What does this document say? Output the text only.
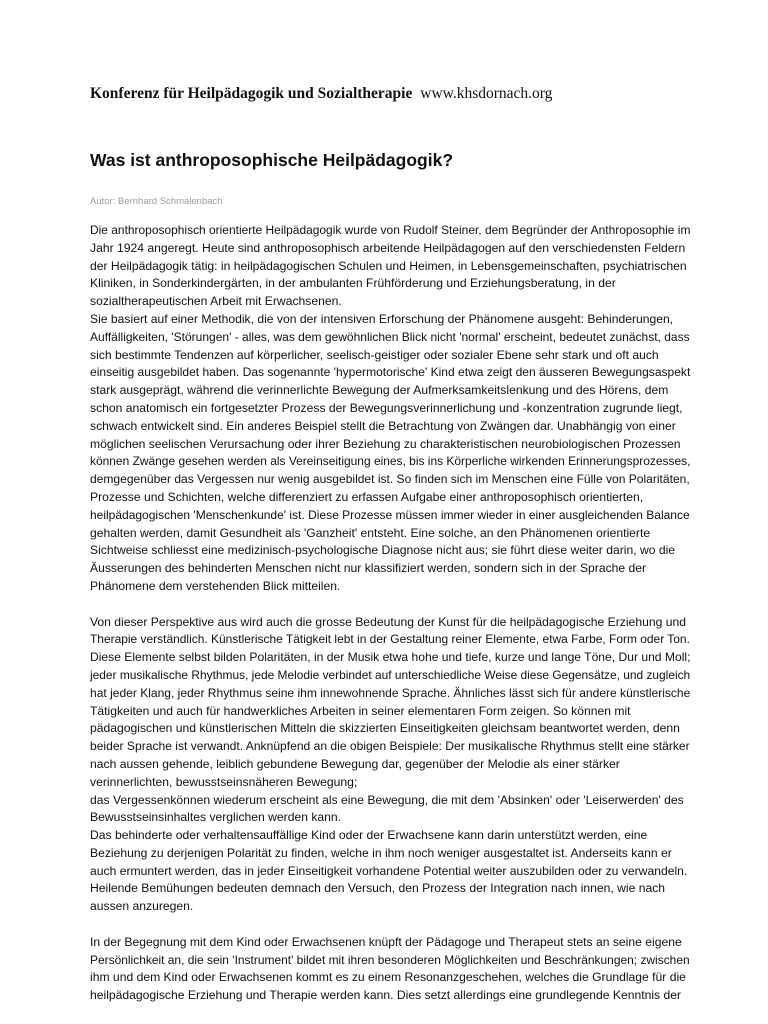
Konferenz für Heilpädagogik und Sozialtherapie www.khsdornach.org
Was ist anthroposophische Heilpädagogik?
Autor: Bernhard Schmalenbach
Die anthroposophisch orientierte Heilpädagogik wurde von Rudolf Steiner, dem Begründer der Anthroposophie im
Jahr 1924 angeregt. Heute sind anthroposophisch arbeitende Heilpädagogen auf den verschiedensten Feldern
der Heilpädagogik tätig: in heilpädagogischen Schulen und Heimen, in Lebensgemeinschaften, psychiatrischen
Kliniken, in Sonderkindergärten, in der ambulanten Frühförderung und Erziehungsberatung, in der
sozialtherapeutischen Arbeit mit Erwachsenen.
Sie basiert auf einer Methodik, die von der intensiven Erforschung der Phänomene ausgeht: Behinderungen,
Auffälligkeiten, 'Störungen' - alles, was dem gewöhnlichen Blick nicht 'normal' erscheint, bedeutet zunächst, dass
sich bestimmte Tendenzen auf körperlicher, seelisch-geistiger oder sozialer Ebene sehr stark und oft auch
einseitig ausgebildet haben. Das sogenannte 'hypermotorische' Kind etwa zeigt den äusseren Bewegungsaspekt
stark ausgeprägt, während die verinnerlichte Bewegung der Aufmerksamkeitslenkung und des Hörens, dem
schon anatomisch ein fortgesetzter Prozess der Bewegungsverinnerlichung und -konzentration zugrunde liegt,
schwach entwickelt sind. Ein anderes Beispiel stellt die Betrachtung von Zwängen dar. Unabhängig von einer
möglichen seelischen Verursachung oder ihrer Beziehung zu charakteristischen neurobiologischen Prozessen
können Zwänge gesehen werden als Vereinseitigung eines, bis ins Körperliche wirkenden Erinnerungsprozesses,
demgegenüber das Vergessen nur wenig ausgebildet ist. So finden sich im Menschen eine Fülle von Polaritäten,
Prozesse und Schichten, welche differenziert zu erfassen Aufgabe einer anthroposophisch orientierten,
heilpädagogischen 'Menschenkunde' ist. Diese Prozesse müssen immer wieder in einer ausgleichenden Balance
gehalten werden, damit Gesundheit als 'Ganzheit' entsteht. Eine solche, an den Phänomenen orientierte
Sichtweise schliesst eine medizinisch-psychologische Diagnose nicht aus; sie führt diese weiter darin, wo die
Äusserungen des behinderten Menschen nicht nur klassifiziert werden, sondern sich in der Sprache der
Phänomene dem verstehenden Blick mitteilen.
Von dieser Perspektive aus wird auch die grosse Bedeutung der Kunst für die heilpädagogische Erziehung und
Therapie verständlich. Künstlerische Tätigkeit lebt in der Gestaltung reiner Elemente, etwa Farbe, Form oder Ton.
Diese Elemente selbst bilden Polaritäten, in der Musik etwa hohe und tiefe, kurze und lange Töne, Dur und Moll;
jeder musikalische Rhythmus, jede Melodie verbindet auf unterschiedliche Weise diese Gegensätze, und zugleich
hat jeder Klang, jeder Rhythmus seine ihm innewohnende Sprache. Ähnliches lässt sich für andere künstlerische
Tätigkeiten und auch für handwerkliches Arbeiten in seiner elementaren Form zeigen. So können mit
pädagogischen und künstlerischen Mitteln die skizzierten Einseitigkeiten gleichsam beantwortet werden, denn
beider Sprache ist verwandt. Anknüpfend an die obigen Beispiele: Der musikalische Rhythmus stellt eine stärker
nach aussen gehende, leiblich gebundene Bewegung dar, gegenüber der Melodie als einer stärker
verinnerlichten, bewusstseinsnäheren Bewegung;
das Vergessenkönnen wiederum erscheint als eine Bewegung, die mit dem 'Absinken' oder 'Leiserwerden' des
Bewusstseinsinhaltes verglichen werden kann.
Das behinderte oder verhaltensauffällige Kind oder der Erwachsene kann darin unterstützt werden, eine
Beziehung zu derjenigen Polarität zu finden, welche in ihm noch weniger ausgestaltet ist. Anderseits kann er
auch ermuntert werden, das in jeder Einseitigkeit vorhandene Potential weiter auszubilden oder zu verwandeln.
Heilende Bemühungen bedeuten demnach den Versuch, den Prozess der Integration nach innen, wie nach
aussen anzuregen.
In der Begegnung mit dem Kind oder Erwachsenen knüpft der Pädagoge und Therapeut stets an seine eigene
Persönlichkeit an, die sein 'Instrument' bildet mit ihren besonderen Möglichkeiten und Beschränkungen; zwischen
ihm und dem Kind oder Erwachsenen kommt es zu einem Resonanzgeschehen, welches die Grundlage für die
heilpädagogische Erziehung und Therapie werden kann. Dies setzt allerdings eine grundlegende Kenntnis der
